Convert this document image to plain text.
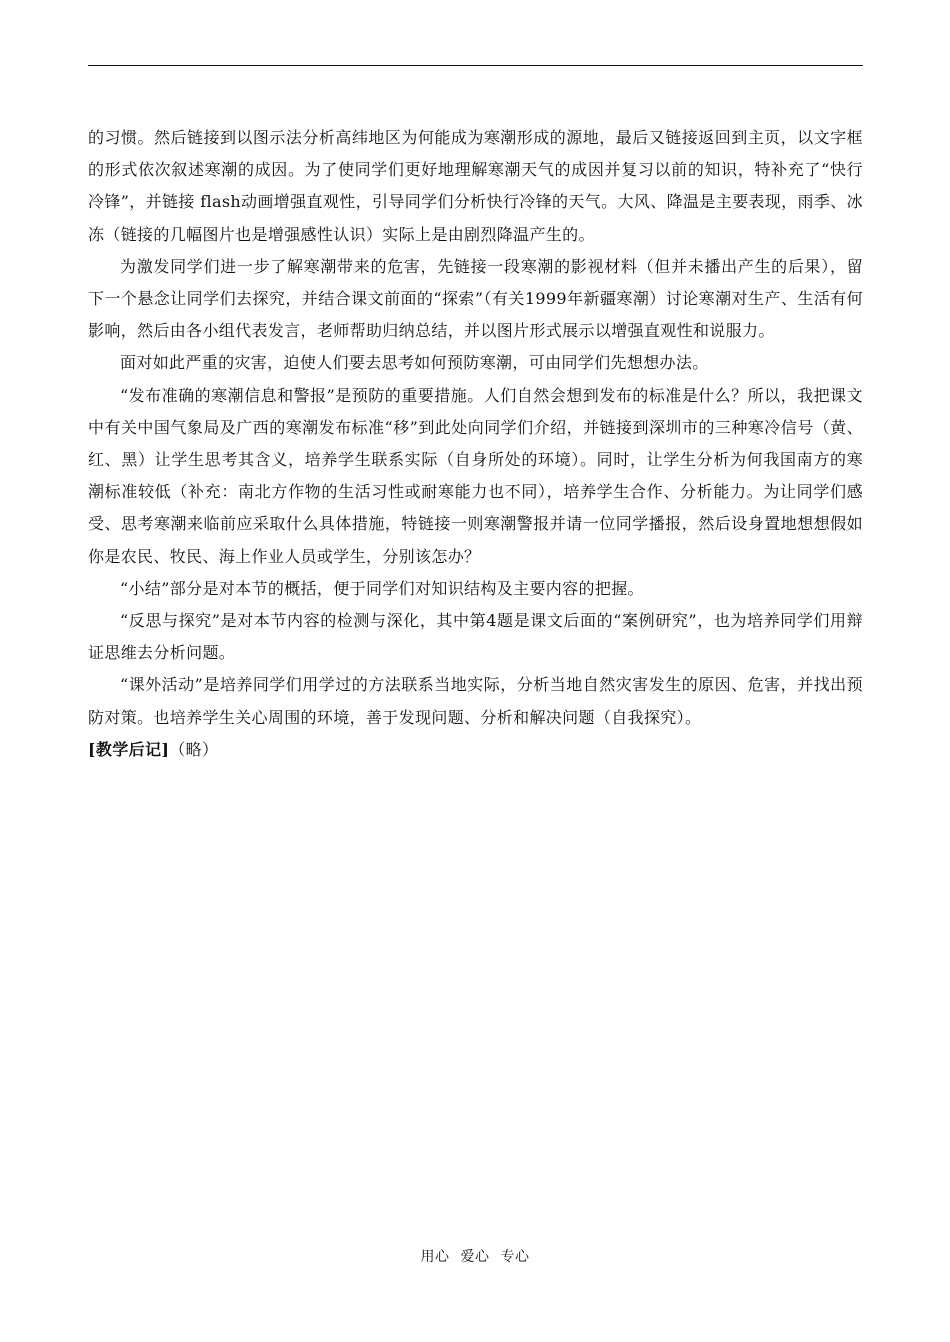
的习惯。然后链接到以图示法分析高纬地区为何能成为寒潮形成的源地，最后又链接返回到主页，以文字框的形式依次叙述寒潮的成因。为了使同学们更好地理解寒潮天气的成因并复习以前的知识，特补充了“快行冷锋”，并链接 flash动画增强直观性，引导同学们分析快行冷锋的天气。大风、降温是主要表现，雨季、冰冻（链接的几幅图片也是增强感性认识）实际上是由剧烈降温产生的。

为激发同学们进一步了解寒潮带来的危害，先链接一段寒潮的影视材料（但并未播出产生的后果），留下一个悬念让同学们去探究，并结合课文前面的“探索”（有关1999年新疆寒潮）讨论寒潮对生产、生活有何影响，然后由各小组代表发言，老师帮助归纳总结，并以图片形式展示以增强直观性和说服力。

面对如此严重的灾害，迫使人们要去思考如何预防寒潮，可由同学们先想想办法。

“发布准确的寒潮信息和警报”是预防的重要措施。人们自然会想到发布的标准是什么？所以，我把课文中有关中国气象局及广西的寒潮发布标准“移”到此处向同学们介绍，并链接到深圳市的三种寒冷信号（黄、红、黑）让学生思考其含义，培养学生联系实际（自身所处的环境）。同时，让学生分析为何我国南方的寒潮标准较低（补充：南北方作物的生活习性或耐寒能力也不同），培养学生合作、分析能力。为让同学们感受、思考寒潮来临前应采取什么具体措施，特链接一则寒潮警报并请一位同学播报，然后设身置地想想假如你是农民、牧民、海上作业人员或学生，分别该怎办？

“小结”部分是对本节的概括，便于同学们对知识结构及主要内容的把握。

“反思与探究”是对本节内容的检测与深化，其中第4题是课文后面的“案例研究”，也为培养同学们用辩证思维去分析问题。

“课外活动”是培养同学们用学过的方法联系当地实际，分析当地自然灾害发生的原因、危害，并找出预防对策。也培养学生关心周围的环境，善于发现问题、分析和解决问题（自我探究）。

[教学后记]（略）

用心 爱心 专心
